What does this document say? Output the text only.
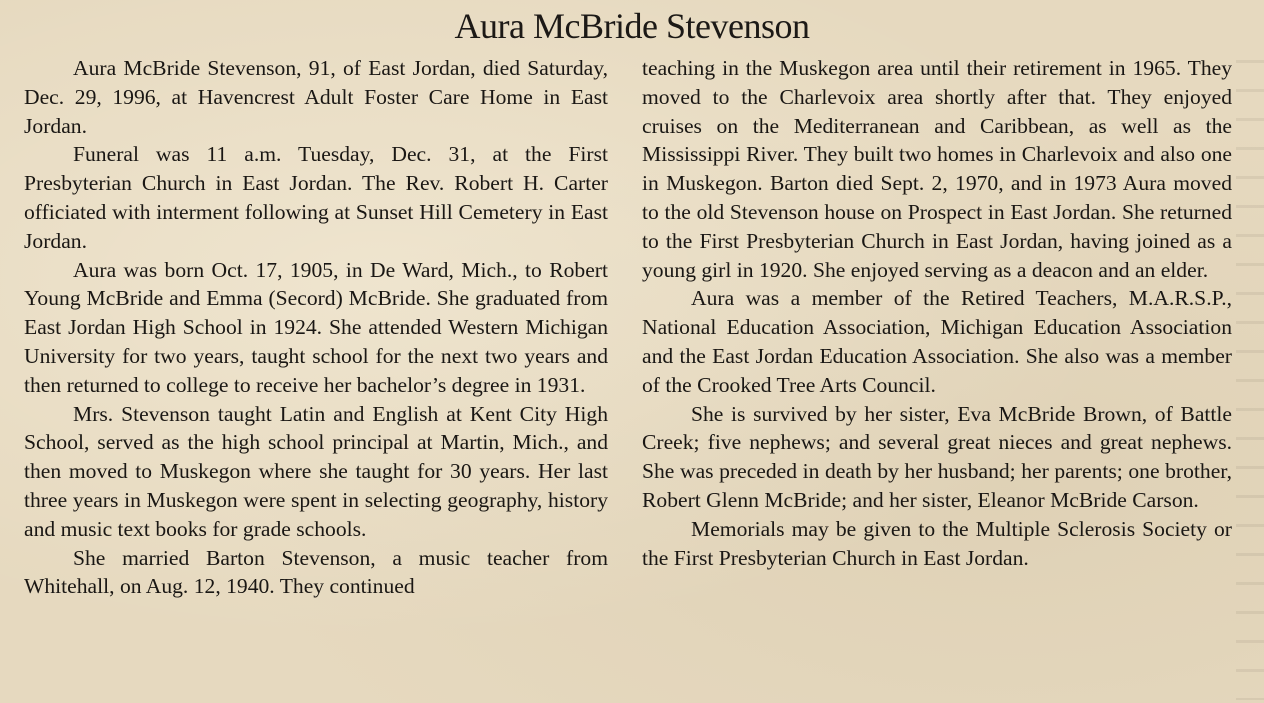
Aura McBride Stevenson

Aura McBride Stevenson, 91, of East Jordan, died Saturday, Dec. 29, 1996, at Havencrest Adult Foster Care Home in East Jordan.

Funeral was 11 a.m. Tuesday, Dec. 31, at the First Presbyterian Church in East Jordan. The Rev. Robert H. Carter officiated with interment following at Sunset Hill Cemetery in East Jordan.

Aura was born Oct. 17, 1905, in De Ward, Mich., to Robert Young McBride and Emma (Secord) McBride. She graduated from East Jordan High School in 1924. She attended Western Michigan University for two years, taught school for the next two years and then returned to college to receive her bachelor’s degree in 1931.

Mrs. Stevenson taught Latin and English at Kent City High School, served as the high school principal at Martin, Mich., and then moved to Muskegon where she taught for 30 years. Her last three years in Muskegon were spent in selecting geography, history and music text books for grade schools.

She married Barton Stevenson, a music teacher from Whitehall, on Aug. 12, 1940. They continued

teaching in the Muskegon area until their retirement in 1965. They moved to the Charlevoix area shortly after that. They enjoyed cruises on the Mediterranean and Caribbean, as well as the Mississippi River. They built two homes in Charlevoix and also one in Muskegon. Barton died Sept. 2, 1970, and in 1973 Aura moved to the old Stevenson house on Prospect in East Jordan. She returned to the First Presbyterian Church in East Jordan, having joined as a young girl in 1920. She enjoyed serving as a deacon and an elder.

Aura was a member of the Retired Teachers, M.A.R.S.P., National Education Association, Michigan Education Association and the East Jordan Education Association. She also was a member of the Crooked Tree Arts Council.

She is survived by her sister, Eva McBride Brown, of Battle Creek; five nephews; and several great nieces and great nephews. She was preceded in death by her husband; her parents; one brother, Robert Glenn McBride; and her sister, Eleanor McBride Carson.

Memorials may be given to the Multiple Sclerosis Society or the First Presbyterian Church in East Jordan.
